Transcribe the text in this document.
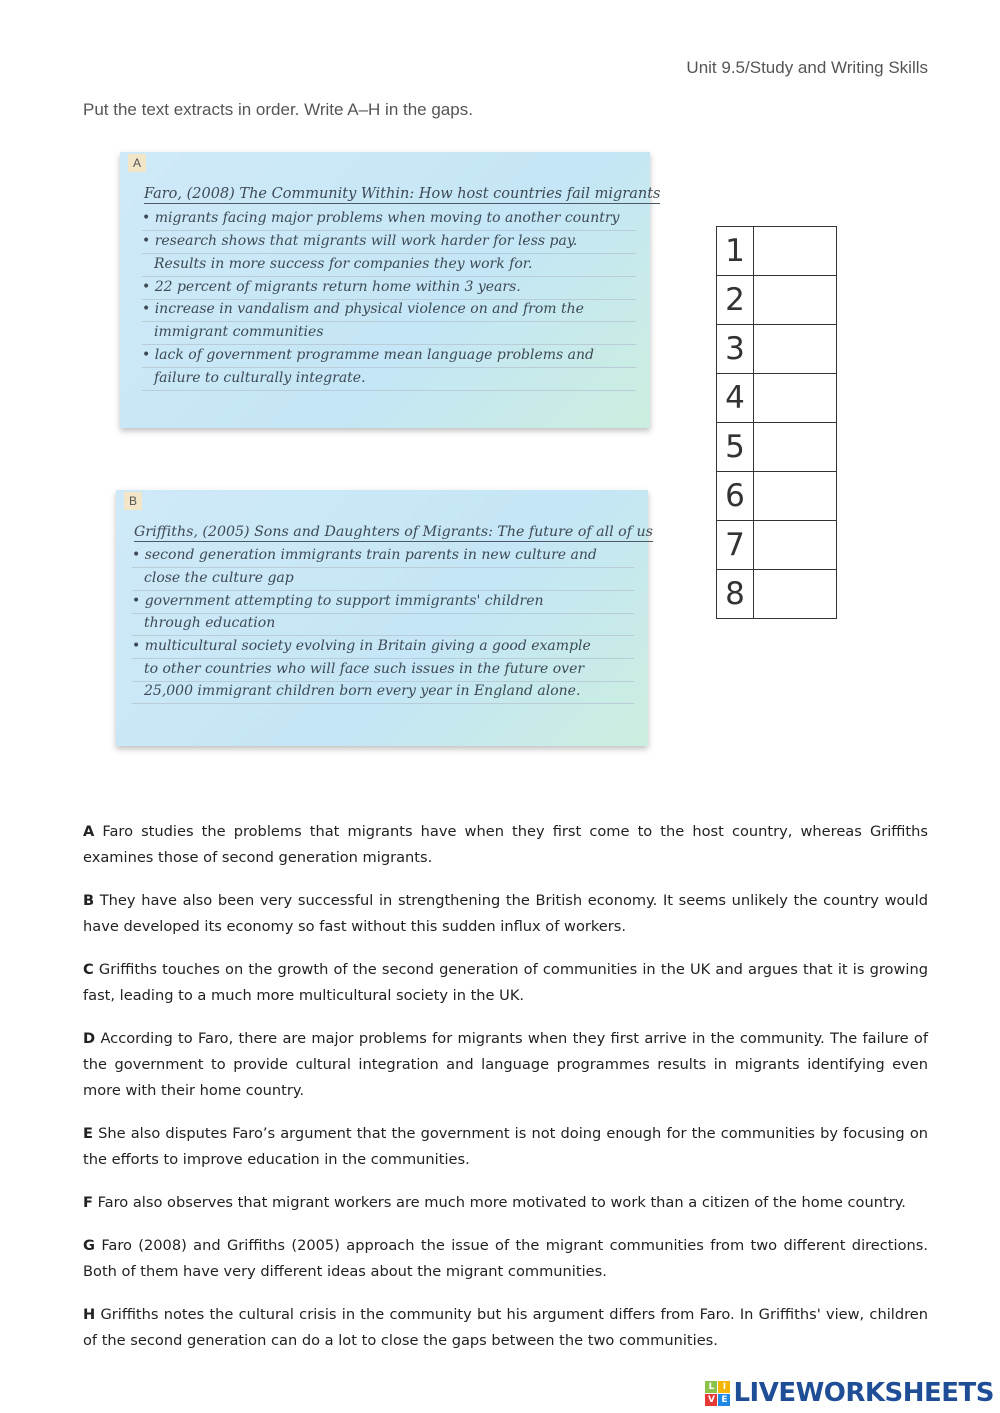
Unit 9.5/Study and Writing Skills
Put the text extracts in order. Write A–H in the gaps.
A
Faro, (2008) The Community Within: How host countries fail migrants
• migrants facing major problems when moving to another country
• research shows that migrants will work harder for less pay.
Results in more success for companies they work for.
• 22 percent of migrants return home within 3 years.
• increase in vandalism and physical violence on and from the
immigrant communities
• lack of government programme mean language problems and
failure to culturally integrate.
B
Griffiths, (2005) Sons and Daughters of Migrants: The future of all of us
• second generation immigrants train parents in new culture and
close the culture gap
• government attempting to support immigrants' children
through education
• multicultural society evolving in Britain giving a good example
to other countries who will face such issues in the future over
25,000 immigrant children born every year in England alone.
1	
2	
3	
4	
5	
6	
7	
8	

A Faro studies the problems that migrants have when they first come to the host country, whereas Griffiths examines those of second generation migrants.

B They have also been very successful in strengthening the British economy. It seems unlikely the country would have developed its economy so fast without this sudden influx of workers.

C Griffiths touches on the growth of the second generation of communities in the UK and argues that it is growing fast, leading to a much more multicultural society in the UK.

D According to Faro, there are major problems for migrants when they first arrive in the community. The failure of the government to provide cultural integration and language programmes results in migrants identifying even more with their home country.

E She also disputes Faro’s argument that the government is not doing enough for the communities by focusing on the efforts to improve education in the communities.

F Faro also observes that migrant workers are much more motivated to work than a citizen of the home country.

G Faro (2008) and Griffiths (2005) approach the issue of the migrant communities from two different directions. Both of them have very different ideas about the migrant communities.

H Griffiths notes the cultural crisis in the community but his argument differs from Faro. In Griffiths' view, children of the second generation can do a lot to close the gaps between the two communities.

L I
V E LIVEWORKSHEETS
